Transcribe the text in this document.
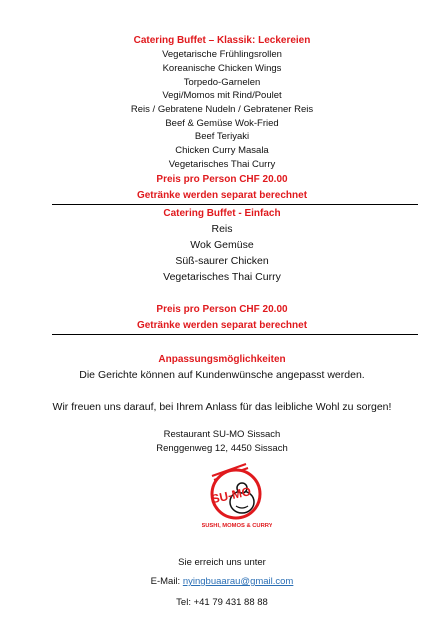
Catering Buffet – Klassik: Leckereien
Vegetarische Frühlingsrollen
Koreanische Chicken Wings
Torpedo-Garnelen
Vegi/Momos mit Rind/Poulet
Reis / Gebratene Nudeln / Gebratener Reis
Beef & Gemüse Wok-Fried
Beef Teriyaki
Chicken Curry Masala
Vegetarisches Thai Curry
Preis pro Person CHF 20.00
Getränke werden separat berechnet
Catering Buffet - Einfach
Reis
Wok Gemüse
Süß-saurer Chicken
Vegetarisches Thai Curry
Preis pro Person CHF 20.00
Getränke werden separat berechnet
Anpassungsmöglichkeiten
Die Gerichte können auf Kundenwünsche angepasst werden.
Wir freuen uns darauf, bei Ihrem Anlass für das leibliche Wohl zu sorgen!
Restaurant SU-MO Sissach
Renggenweg 12, 4450 Sissach
SU-MO
SUSHI, MOMOS & CURRY
Sie erreich uns unter
E-Mail: nyingbuaarau@gmail.com
Tel: +41 79 431 88 88
